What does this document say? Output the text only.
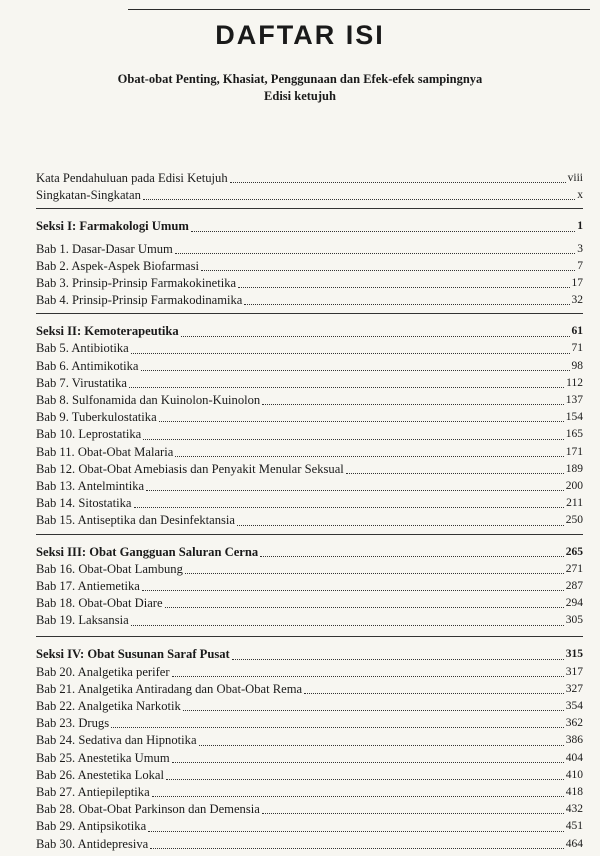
DAFTAR ISI
Obat-obat Penting, Khasiat, Penggunaan dan Efek-efek sampingnya
Edisi ketujuh
Kata Pendahuluan pada Edisi Ketujuh	viii
Singkatan-Singkatan	x
Seksi I: Farmakologi Umum	1
Bab 1. Dasar-Dasar Umum	3
Bab 2. Aspek-Aspek Biofarmasi	7
Bab 3. Prinsip-Prinsip Farmakokinetika	17
Bab 4. Prinsip-Prinsip Farmakodinamika	32
Seksi II: Kemoterapeutika	61
Bab 5. Antibiotika	71
Bab 6. Antimikotika	98
Bab 7. Virustatika	112
Bab 8. Sulfonamida dan Kuinolon-Kuinolon	137
Bab 9. Tuberkulostatika	154
Bab 10. Leprostatika	165
Bab 11. Obat-Obat Malaria	171
Bab 12. Obat-Obat Amebiasis dan Penyakit Menular Seksual	189
Bab 13. Antelmintika	200
Bab 14. Sitostatika	211
Bab 15. Antiseptika dan Desinfektansia	250
Seksi III: Obat Gangguan Saluran Cerna	265
Bab 16. Obat-Obat Lambung	271
Bab 17. Antiemetika	287
Bab 18. Obat-Obat Diare	294
Bab 19. Laksansia	305
Seksi IV: Obat Susunan Saraf Pusat	315
Bab 20. Analgetika perifer	317
Bab 21. Analgetika Antiradang dan Obat-Obat Rema	327
Bab 22. Analgetika Narkotik	354
Bab 23. Drugs	362
Bab 24. Sedativa dan Hipnotika	386
Bab 25. Anestetika Umum	404
Bab 26. Anestetika Lokal	410
Bab 27. Antiepileptika	418
Bab 28. Obat-Obat Parkinson dan Demensia	432
Bab 29. Antipsikotika	451
Bab 30. Antidepresiva	464
